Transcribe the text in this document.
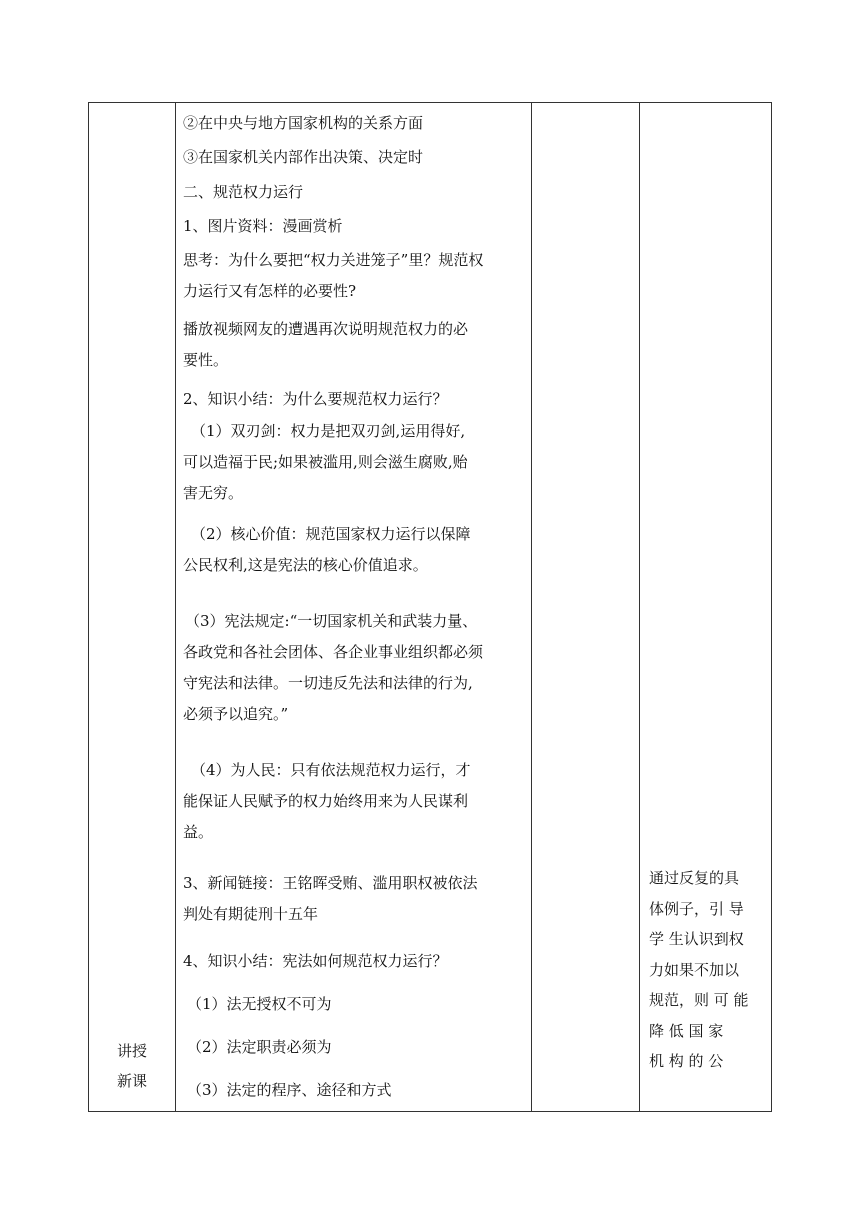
讲授
新课
②在中央与地方国家机构的关系方面
③在国家机关内部作出决策、决定时
二、规范权力运行
1、图片资料：漫画赏析
思考：为什么要把“权力关进笼子”里？规范权
力运行又有怎样的必要性?
播放视频网友的遭遇再次说明规范权力的必
要性。
2、知识小结：为什么要规范权力运行？
（1）双刃剑：权力是把双刃剑,运用得好,
可以造福于民;如果被滥用,则会滋生腐败,贻
害无穷。
（2）核心价值：规范国家权力运行以保障
公民权利,这是宪法的核心价值追求。
（3）宪法规定:“一切国家机关和武装力量、
各政党和各社会团体、各企业事业组织都必须
守宪法和法律。一切违反先法和法律的行为,
必须予以追究。”
（4）为人民：只有依法规范权力运行，才
能保证人民赋予的权力始终用来为人民谋利
益。
3、新闻链接：王铭晖受贿、滥用职权被依法
判处有期徒刑十五年
4、知识小结：宪法如何规范权力运行？
（1）法无授权不可为
（2）法定职责必须为
（3）法定的程序、途径和方式
通过反复的具
体例子，引 导
学 生认识到权
力如果不加以
规范，则 可 能
降 低 国 家
机 构 的 公
